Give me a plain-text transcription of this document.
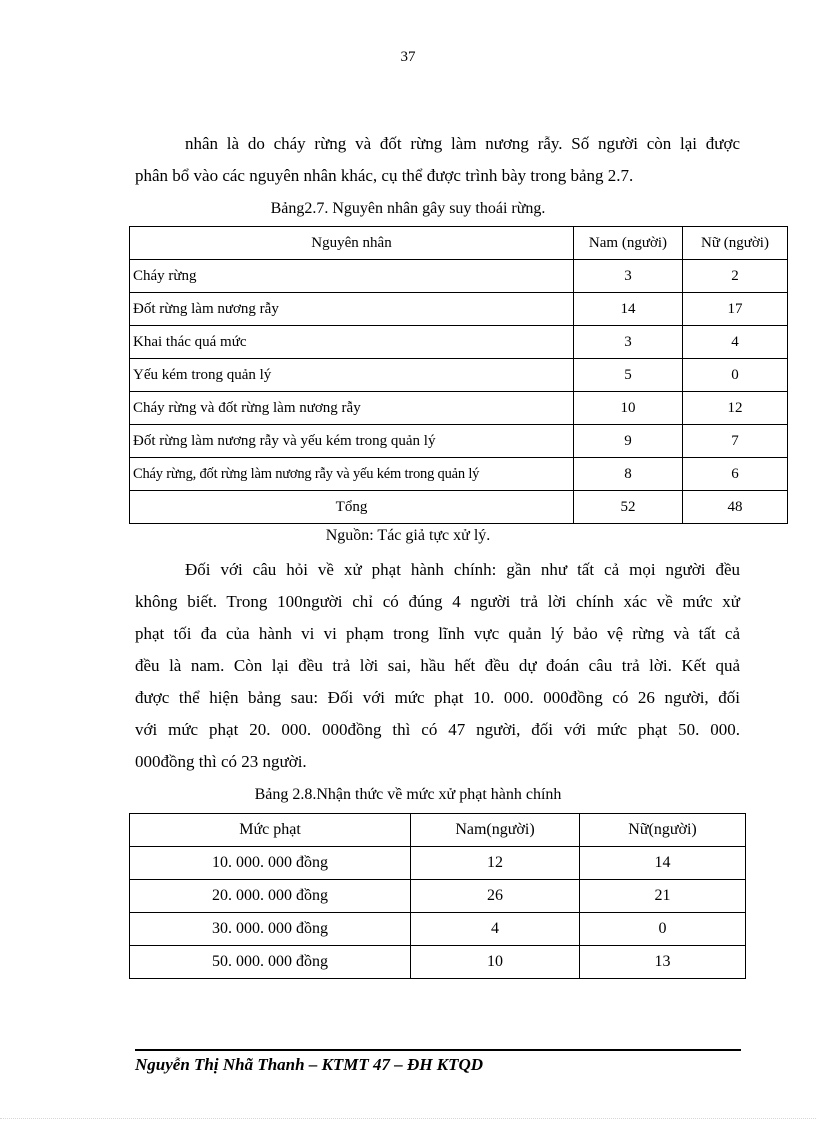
37
nhân là do cháy rừng và đốt rừng làm nương rẫy. Số người còn lại được
phân bổ vào các nguyên nhân khác, cụ thể được trình bày trong bảng 2.7.
Bảng2.7. Nguyên nhân gây suy thoái rừng.
Nguyên nhân	Nam (người)	Nữ (người)
Cháy rừng	3	2
Đốt rừng làm nương rẫy	14	17
Khai thác quá mức	3	4
Yếu kém trong quản lý	5	0
Cháy rừng và đốt rừng làm nương rẫy	10	12
Đốt rừng làm nương rẫy và yếu kém trong quản lý	9	7
Cháy rừng, đốt rừng làm nương rẫy và yếu kém trong quản lý	8	6
Tổng	52	48
Nguồn: Tác giả tực xử lý.
Đối với câu hỏi về xử phạt hành chính: gần như tất cả mọi người đều
không biết. Trong 100người chỉ có đúng 4 người trả lời chính xác về mức xử
phạt tối đa của hành vi vi phạm trong lĩnh vực quản lý bảo vệ rừng và tất cả
đều là nam. Còn lại đều trả lời sai, hầu hết đều dự đoán câu trả lời. Kết quả
được thể hiện bảng sau: Đối với mức phạt 10. 000. 000đồng có 26 người, đối
với mức phạt 20. 000. 000đồng thì có 47 người, đối với mức phạt 50. 000.
000đồng thì có 23 người.
Bảng 2.8.Nhận thức về mức xử phạt hành chính
Mức phạt	Nam(người)	Nữ(người)
10. 000. 000 đồng	12	14
20. 000. 000 đồng	26	21
30. 000. 000 đồng	4	0
50. 000. 000 đồng	10	13
Nguyễn Thị Nhã Thanh – KTMT 47 – ĐH KTQD
